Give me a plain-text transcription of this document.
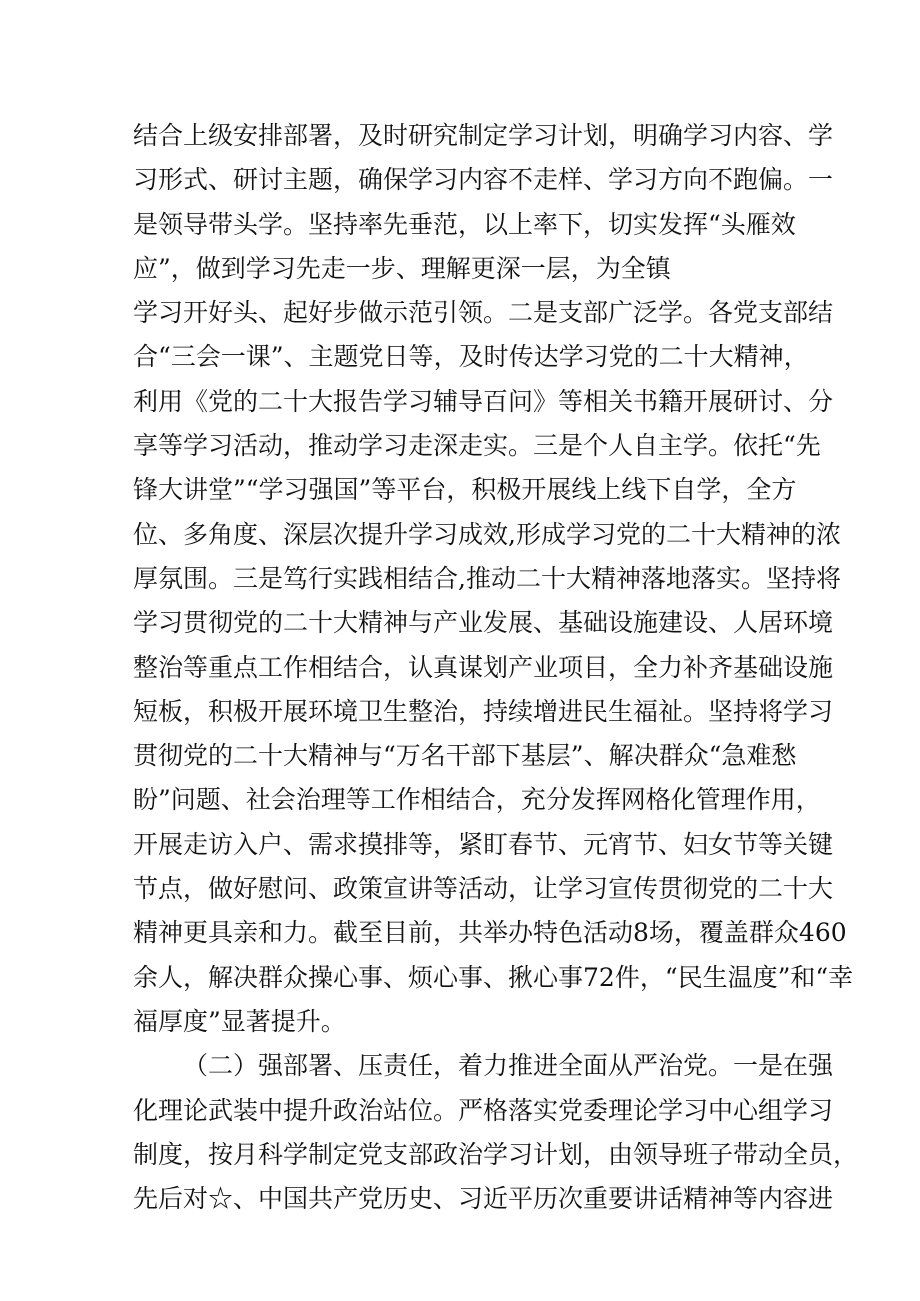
结合上级安排部署，及时研究制定学习计划，明确学习内容、学
习形式、研讨主题，确保学习内容不走样、学习方向不跑偏。一
是领导带头学。坚持率先垂范，以上率下，切实发挥“头雁效
应”，做到学习先走一步、理解更深一层，为全镇
学习开好头、起好步做示范引领。二是支部广泛学。各党支部结
合“三会一课”、主题党日等，及时传达学习党的二十大精神，
利用《党的二十大报告学习辅导百问》等相关书籍开展研讨、分
享等学习活动，推动学习走深走实。三是个人自主学。依托“先
锋大讲堂”“学习强国”等平台，积极开展线上线下自学，全方
位、多角度、深层次提升学习成效,形成学习党的二十大精神的浓
厚氛围。三是笃行实践相结合,推动二十大精神落地落实。坚持将
学习贯彻党的二十大精神与产业发展、基础设施建设、人居环境
整治等重点工作相结合，认真谋划产业项目，全力补齐基础设施
短板，积极开展环境卫生整治，持续增进民生福祉。坚持将学习
贯彻党的二十大精神与“万名干部下基层”、解决群众“急难愁
盼”问题、社会治理等工作相结合，充分发挥网格化管理作用，
开展走访入户、需求摸排等，紧盯春节、元宵节、妇女节等关键
节点，做好慰问、政策宣讲等活动，让学习宣传贯彻党的二十大
精神更具亲和力。截至目前，共举办特色活动8场，覆盖群众460
余人，解决群众操心事、烦心事、揪心事72件，“民生温度”和“幸
福厚度”显著提升。
（二）强部署、压责任，着力推进全面从严治党。一是在强
化理论武装中提升政治站位。严格落实党委理论学习中心组学习
制度，按月科学制定党支部政治学习计划，由领导班子带动全员，
先后对☆、中国共产党历史、习近平历次重要讲话精神等内容进
